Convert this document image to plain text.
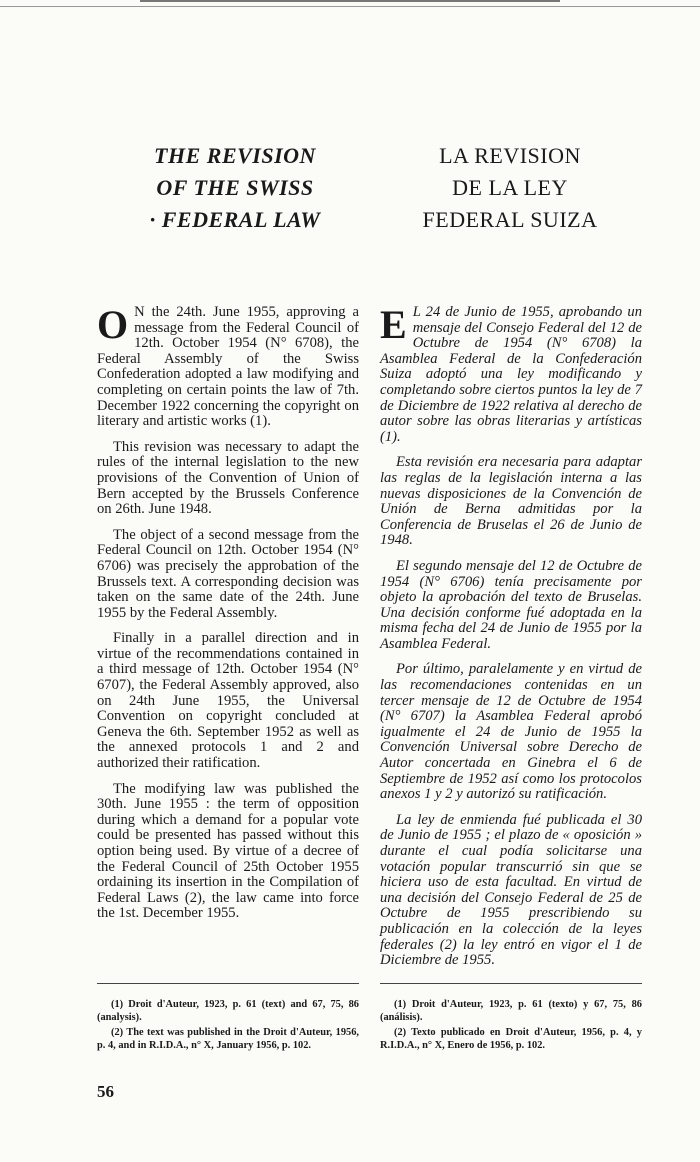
THE REVISION
OF THE SWISS
· FEDERAL LAW
LA REVISION
DE LA LEY
FEDERAL SUIZA

O N the 24th. June 1955, approving a message from the Federal Council of 12th. October 1954 (N° 6708), the Federal Assembly of the Swiss Confederation adopted a law modifying and completing on certain points the law of 7th. December 1922 concerning the copyright on literary and artistic works (1).

This revision was necessary to adapt the rules of the internal legislation to the new provisions of the Convention of Union of Bern accepted by the Brussels Conference on 26th. June 1948.

The object of a second message from the Federal Council on 12th. October 1954 (N° 6706) was precisely the approbation of the Brussels text. A corresponding decision was taken on the same date of the 24th. June 1955 by the Federal Assembly.

Finally in a parallel direction and in virtue of the recommendations contained in a third message of 12th. October 1954 (N° 6707), the Federal Assembly approved, also on 24th June 1955, the Universal Convention on copyright concluded at Geneva the 6th. September 1952 as well as the annexed protocols 1 and 2 and authorized their ratification.

The modifying law was published the 30th. June 1955 : the term of opposition during which a demand for a popular vote could be presented has passed without this option being used. By virtue of a decree of the Federal Council of 25th October 1955 ordaining its insertion in the Compilation of Federal Laws (2), the law came into force the 1st. December 1955.

E L 24 de Junio de 1955, aprobando un mensaje del Consejo Federal del 12 de Octubre de 1954 (N° 6708) la Asamblea Federal de la Confederación Suiza adoptó una ley modificando y completando sobre ciertos puntos la ley de 7 de Diciembre de 1922 relativa al derecho de autor sobre las obras literarias y artísticas (1).

Esta revisión era necesaria para adaptar las reglas de la legislación interna a las nuevas disposiciones de la Convención de Unión de Berna admitidas por la Conferencia de Bruselas el 26 de Junio de 1948.

El segundo mensaje del 12 de Octubre de 1954 (N° 6706) tenía precisamente por objeto la aprobación del texto de Bruselas. Una decisión conforme fué adoptada en la misma fecha del 24 de Junio de 1955 por la Asamblea Federal.

Por último, paralelamente y en virtud de las recomendaciones contenidas en un tercer mensaje de 12 de Octubre de 1954 (N° 6707) la Asamblea Federal aprobó igualmente el 24 de Junio de 1955 la Convención Universal sobre Derecho de Autor concertada en Ginebra el 6 de Septiembre de 1952 así como los protocolos anexos 1 y 2 y autorizó su ratificación.

La ley de enmienda fué publicada el 30 de Junio de 1955 ; el plazo de « oposición » durante el cual podía solicitarse una votación popular transcurrió sin que se hiciera uso de esta facultad. En virtud de una decisión del Consejo Federal de 25 de Octubre de 1955 prescribiendo su publicación en la colección de la leyes federales (2) la ley entró en vigor el 1 de Diciembre de 1955.

(1) Droit d'Auteur, 1923, p. 61 (text) and 67, 75, 86 (analysis).

(2) The text was published in the Droit d'Auteur, 1956, p. 4, and in R.I.D.A., n° X, January 1956, p. 102.

(1) Droit d'Auteur, 1923, p. 61 (texto) y 67, 75, 86 (análisis).

(2) Texto publicado en Droit d'Auteur, 1956, p. 4, y R.I.D.A., n° X, Enero de 1956, p. 102.

56
